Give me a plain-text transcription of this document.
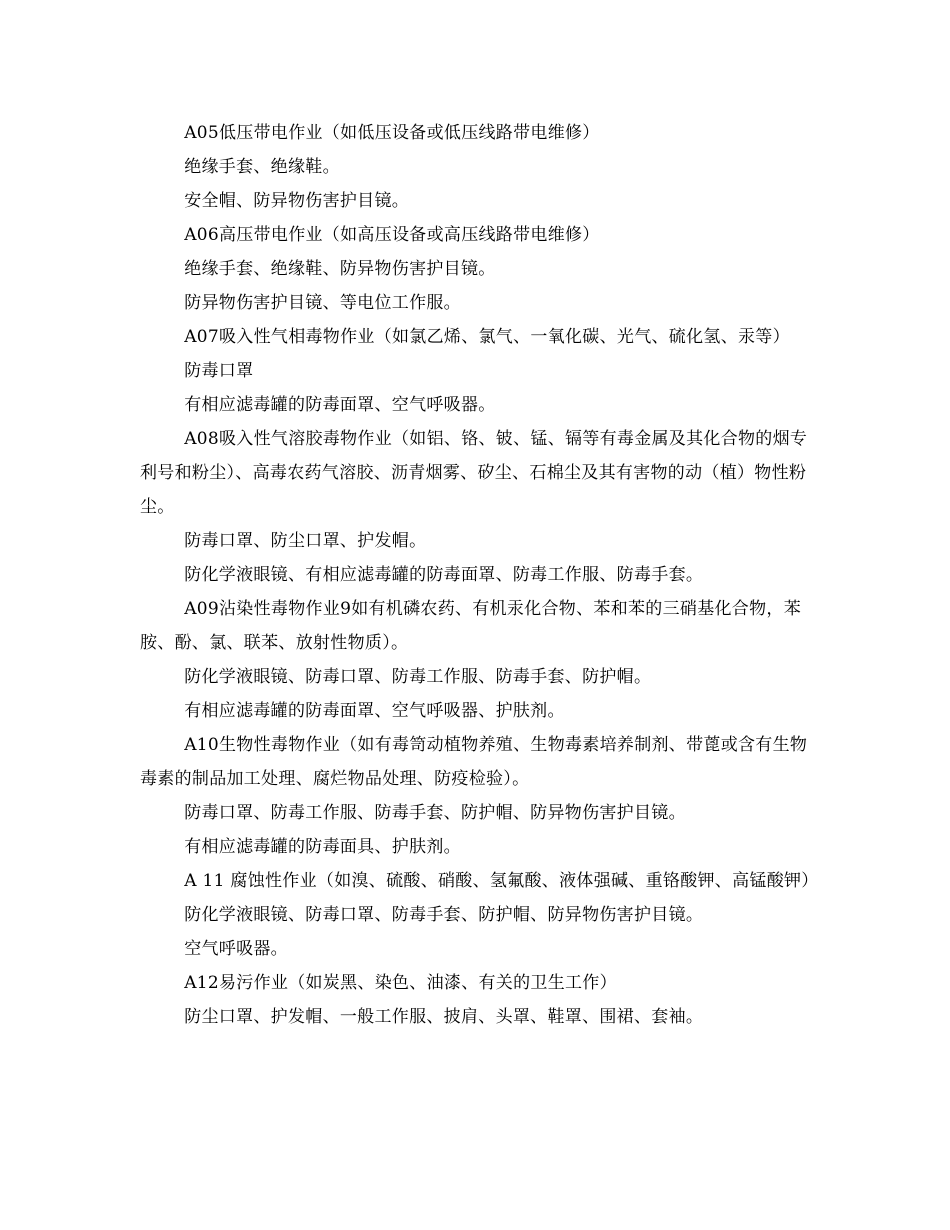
A05低压带电作业（如低压设备或低压线路带电维修）

绝缘手套、绝缘鞋。

安全帽、防异物伤害护目镜。

A06高压带电作业（如高压设备或高压线路带电维修）

绝缘手套、绝缘鞋、防异物伤害护目镜。

防异物伤害护目镜、等电位工作服。

A07吸入性气相毒物作业（如氯乙烯、氯气、一氧化碳、光气、硫化氢、汞等）

防毒口罩

有相应滤毒罐的防毒面罩、空气呼吸器。

A08吸入性气溶胶毒物作业（如铝、铬、铍、锰、镉等有毒金属及其化合物的烟专利号和粉尘）、高毒农药气溶胶、沥青烟雾、矽尘、石棉尘及其有害物的动（植）物性粉尘。

防毒口罩、防尘口罩、护发帽。

防化学液眼镜、有相应滤毒罐的防毒面罩、防毒工作服、防毒手套。

A09沾染性毒物作业9如有机磷农药、有机汞化合物、苯和苯的三硝基化合物，苯胺、酚、氯、联苯、放射性物质）。

防化学液眼镜、防毒口罩、防毒工作服、防毒手套、防护帽。

有相应滤毒罐的防毒面罩、空气呼吸器、护肤剂。

A10生物性毒物作业（如有毒笥动植物养殖、生物毒素培养制剂、带蓖或含有生物毒素的制品加工处理、腐烂物品处理、防疫检验）。

防毒口罩、防毒工作服、防毒手套、防护帽、防异物伤害护目镜。

有相应滤毒罐的防毒面具、护肤剂。

A 11 腐蚀性作业（如溴、硫酸、硝酸、氢氟酸、液体强碱、重铬酸钾、高锰酸钾）

防化学液眼镜、防毒口罩、防毒手套、防护帽、防异物伤害护目镜。

空气呼吸器。

A12易污作业（如炭黑、染色、油漆、有关的卫生工作）

防尘口罩、护发帽、一般工作服、披肩、头罩、鞋罩、围裙、套袖。
